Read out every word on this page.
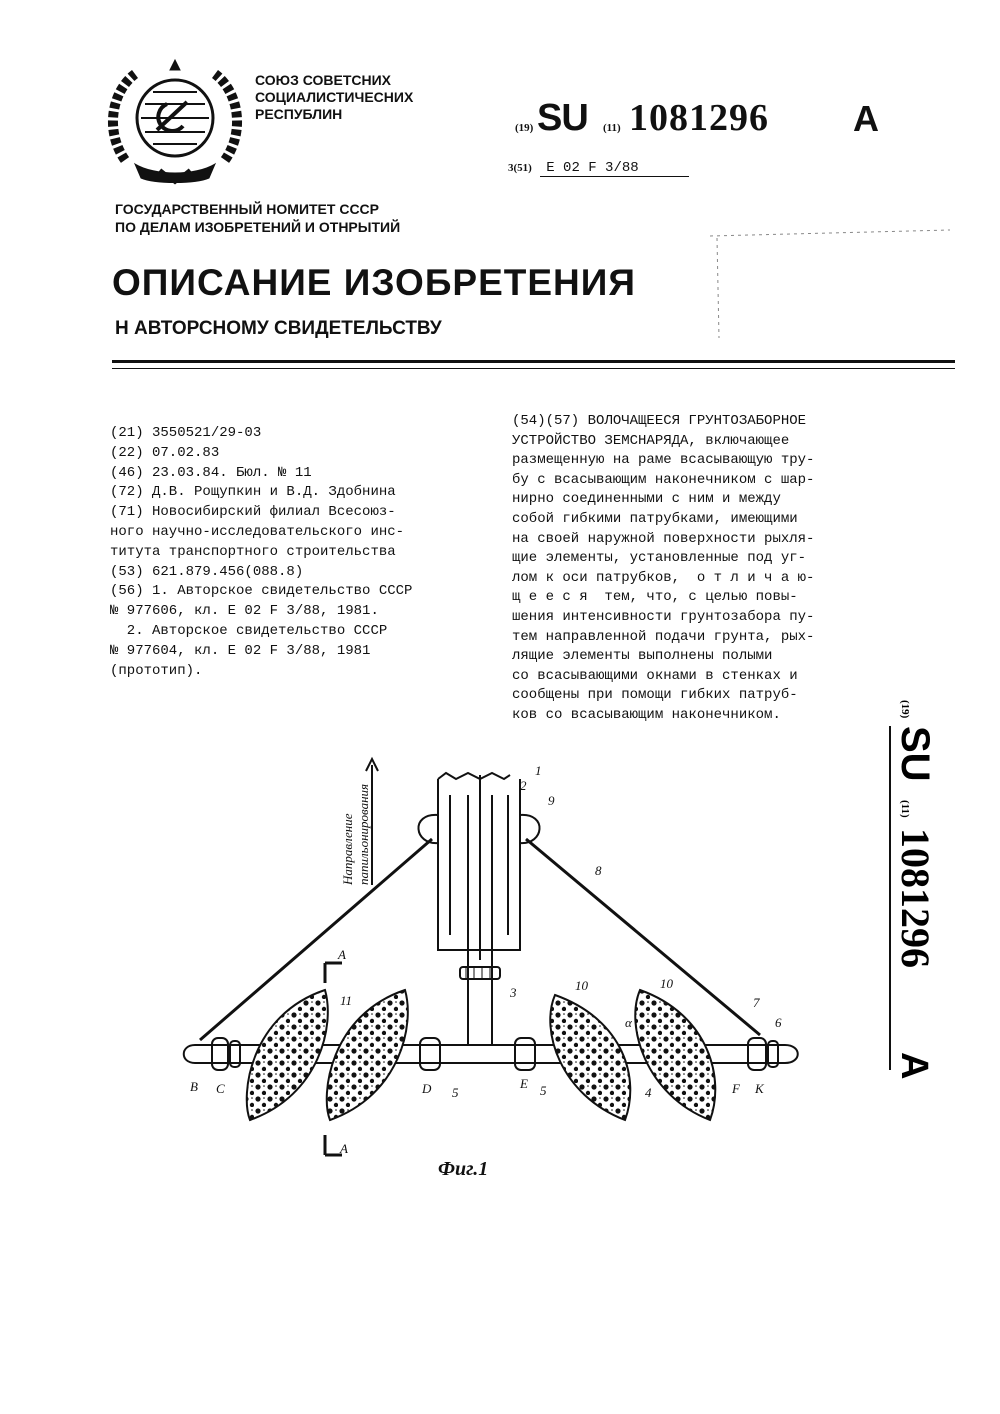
СОЮЗ СОВЕТСНИХ
СОЦИАЛИСТИЧЕСНИХ
РЕСПУБЛИН
(19) SU (11) 1081296 A
3(51) E 02 F 3/88
ГОСУДАРСТВЕННЫЙ НОМИТЕТ СССР
ПО ДЕЛАМ ИЗОБРЕТЕНИЙ И ОТНРЫТИЙ
ОПИСАНИЕ ИЗОБРЕТЕНИЯ
Н АВТОРСНОМУ СВИДЕТЕЛЬСТВУ
(21) 3550521/29-03
(22) 07.02.83
(46) 23.03.84. Бюл. № 11
(72) Д.В. Рощупкин и В.Д. Здобнина
(71) Новосибирский филиал Всесоюз-
ного научно-исследовательского инс-
титута транспортного строительства
(53) 621.879.456(088.8)
(56) 1. Авторское свидетельство СССР
№ 977606, кл. Е 02 F 3/88, 1981.
2. Авторское свидетельство СССР
№ 977604, кл. Е 02 F 3/88, 1981
(прототип).
(54)(57) ВОЛОЧАЩЕЕСЯ ГРУНТОЗАБОРНОЕ
УСТРОЙСТВО ЗЕМСНАРЯДА, включающее
размещенную на раме всасывающую тру-
бу с всасывающим наконечником с шар-
нирно соединенными с ним и между
собой гибкими патрубками, имеющими
на своей наружной поверхности рыхля-
щие элементы, установленные под уг-
лом к оси патрубков,  о т л и ч а ю-
щ е е с я  тем, что, с целью повы-
шения интенсивности грунтозабора пу-
тем направленной подачи грунта, рых-
лящие элементы выполнены полыми
со всасывающими окнами в стенках и
сообщены при помощи гибких патруб-
ков со всасывающим наконечником.	(19)
SU
(11)
1081296
A
1
2
9
8
3	10	10
11	7
6
5	5	4
α
B C	D	E	F K
A
A
Направление папильонирования
Фиг.1
